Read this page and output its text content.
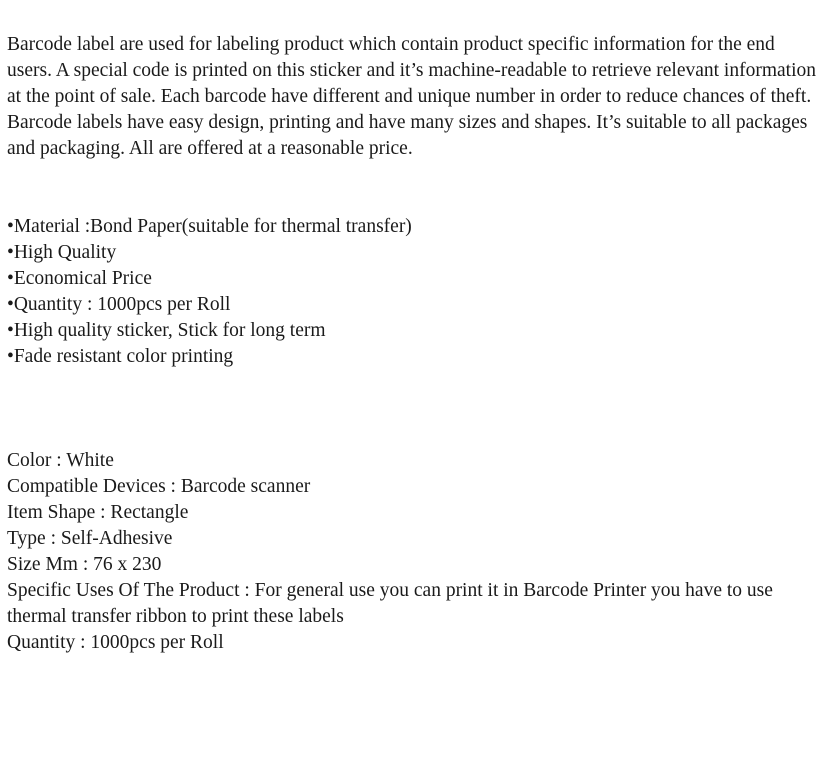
Barcode label are used for labeling product which contain product specific information for the end users. A special code is printed on this sticker and it’s machine-readable to retrieve relevant information at the point of sale. Each barcode have different and unique number in order to reduce chances of theft. Barcode labels have easy design, printing and have many sizes and shapes. It’s suitable to all packages and packaging. All are offered at a reasonable price.

•Material :Bond Paper(suitable for thermal transfer)
•High Quality
•Economical Price
•Quantity : 1000pcs per Roll
•High quality sticker, Stick for long term
•Fade resistant color printing
Color : White
Compatible Devices : Barcode scanner
Item Shape : Rectangle
Type : Self-Adhesive
Size Mm : 76 x 230
Specific Uses Of The Product : For general use you can print it in Barcode Printer you have to use thermal transfer ribbon to print these labels
Quantity : 1000pcs per Roll
